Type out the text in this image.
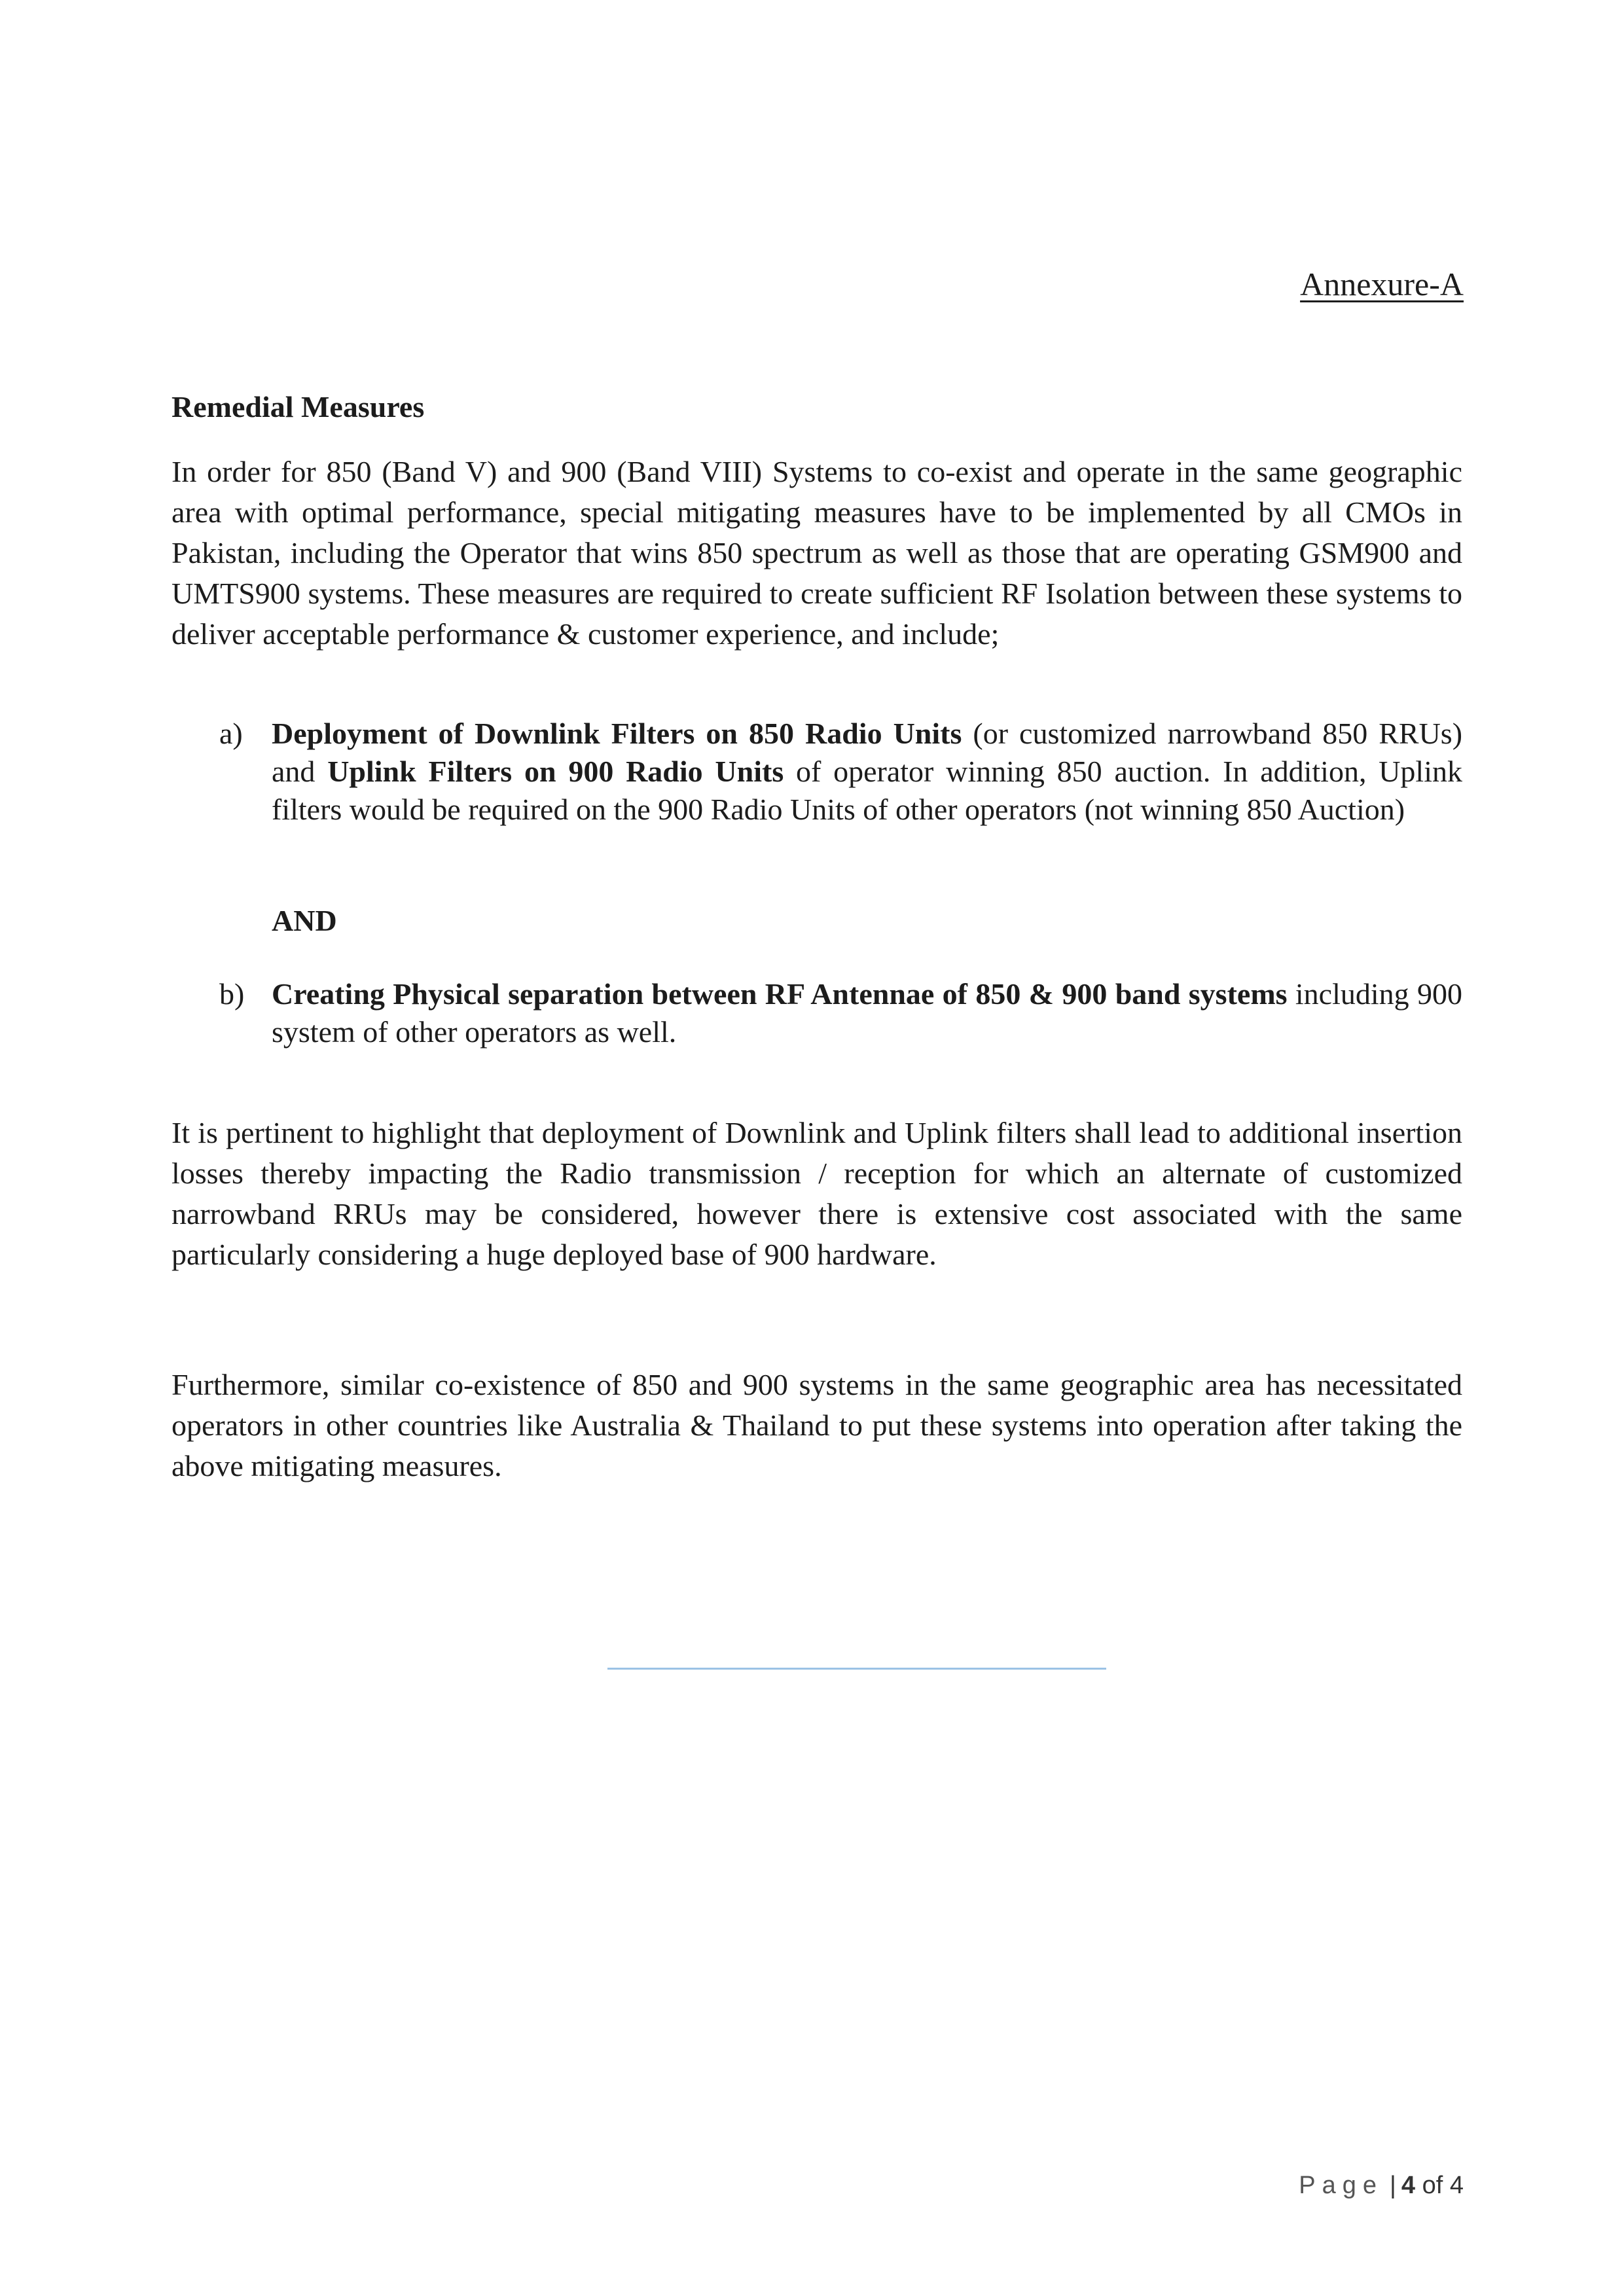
Annexure-A
Remedial Measures

In order for 850 (Band V) and 900 (Band VIII) Systems to co-exist and operate in the same geographic area with optimal performance, special mitigating measures have to be implemented by all CMOs in Pakistan, including the Operator that wins 850 spectrum as well as those that are operating GSM900 and UMTS900 systems. These measures are required to create sufficient RF Isolation between these systems to deliver acceptable performance & customer experience, and include;

a) Deployment of Downlink Filters on 850 Radio Units (or customized narrowband 850 RRUs) and Uplink Filters on 900 Radio Units of operator winning 850 auction. In addition, Uplink filters would be required on the 900 Radio Units of other operators (not winning 850 Auction)
AND
b) Creating Physical separation between RF Antennae of 850 & 900 band systems including 900 system of other operators as well.

It is pertinent to highlight that deployment of Downlink and Uplink filters shall lead to additional insertion losses thereby impacting the Radio transmission / reception for which an alternate of customized narrowband RRUs may be considered, however there is extensive cost associated with the same particularly considering a huge deployed base of 900 hardware.

Furthermore, similar co-existence of 850 and 900 systems in the same geographic area has necessitated operators in other countries like Australia & Thailand to put these systems into operation after taking the above mitigating measures.

Page | 4 of 4
